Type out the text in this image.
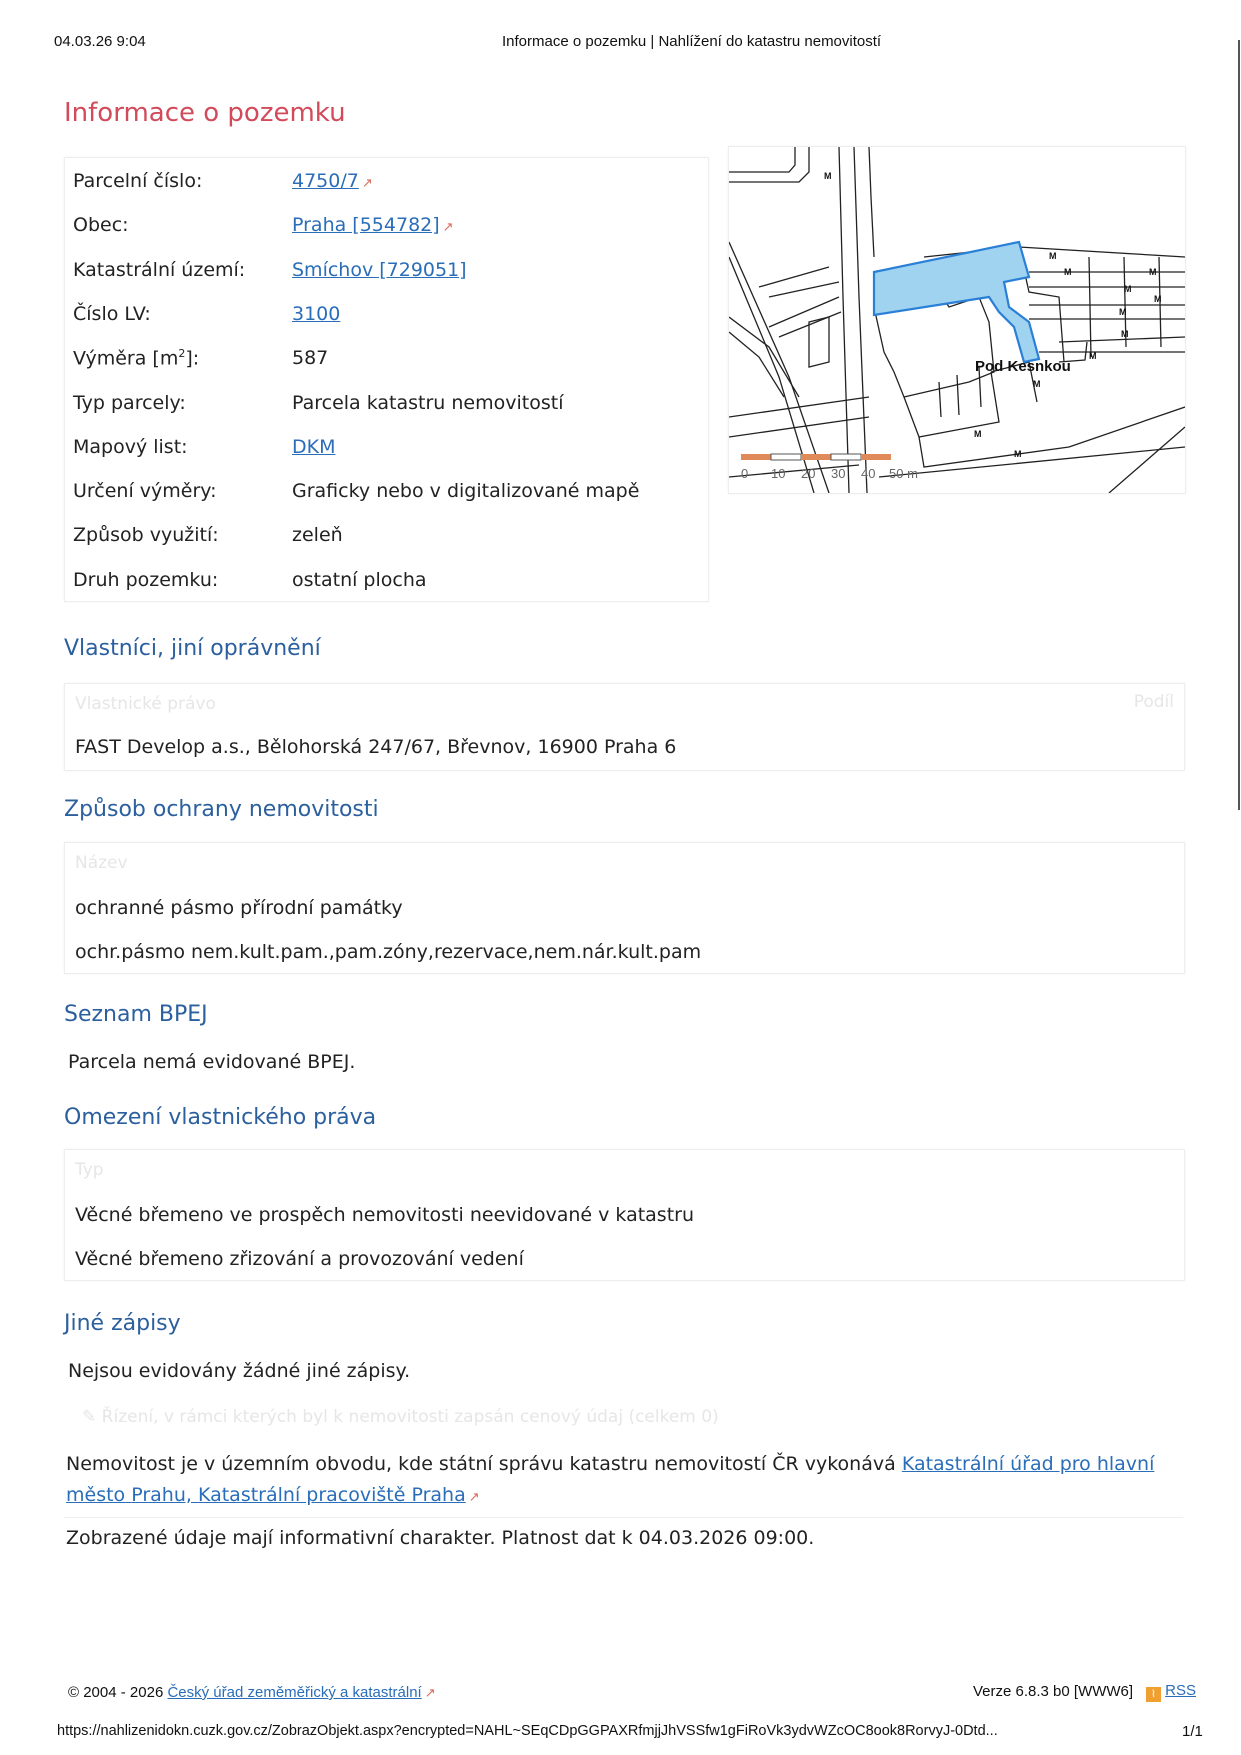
04.03.26 9:04	Informace o pozemku | Nahlížení do katastru nemovitostí
Informace o pozemku
Parcelní číslo:	4750/7 ↗
Obec:	Praha [554782] ↗
Katastrální území: Smíchov [729051]
Číslo LV:	3100
Výměra $[m^2]$:	587
Typ parcely:	Parcela katastru nemovitostí
Mapový list:	DKM
Určení výměry:	Graficky nebo v digitalizované mapě
Způsob využití:	zeleň
Druh pozemku:	ostatní plocha
Pod Kesnkou
0 10 20 30 40 50 m
M
M
M	M
M
M
M
M
M
M
M
M
Vlastníci, jiní oprávnění
Vlastnické právo	Podíl
FAST Develop a.s., Bělohorská 247/67, Břevnov, 16900 Praha 6
Způsob ochrany nemovitosti
Název
ochranné pásmo přírodní památky
ochr.pásmo nem.kult.pam.,pam.zóny,rezervace,nem.nár.kult.pam
Seznam BPEJ
Parcela nemá evidované BPEJ.
Omezení vlastnického práva
Typ
Věcné břemeno ve prospěch nemovitosti neevidované v katastru
Věcné břemeno zřizování a provozování vedení
Jiné zápisy
Nejsou evidovány žádné jiné zápisy.
✎ Řízení, v rámci kterých byl k nemovitosti zapsán cenový údaj (celkem 0)
Nemovitost je v územním obvodu, kde státní správu katastru nemovitostí ČR vykonává Katastrální úřad pro hlavní město Prahu, Katastrální pracoviště Praha ↗
Zobrazené údaje mají informativní charakter. Platnost dat k 04.03.2026 09:00.
© 2004 - 2026 Český úřad zeměměřický a katastrální ↗	Verze 6.8.3 b0 [WWW6]	⌇ RSS
https://nahlizenidokn.cuzk.gov.cz/ZobrazObjekt.aspx?encrypted=NAHL~SEqCDpGGPAXRfmjjJhVSSfw1gFiRoVk3ydvWZcOC8ook8RorvyJ-0Dtd...	1/1
